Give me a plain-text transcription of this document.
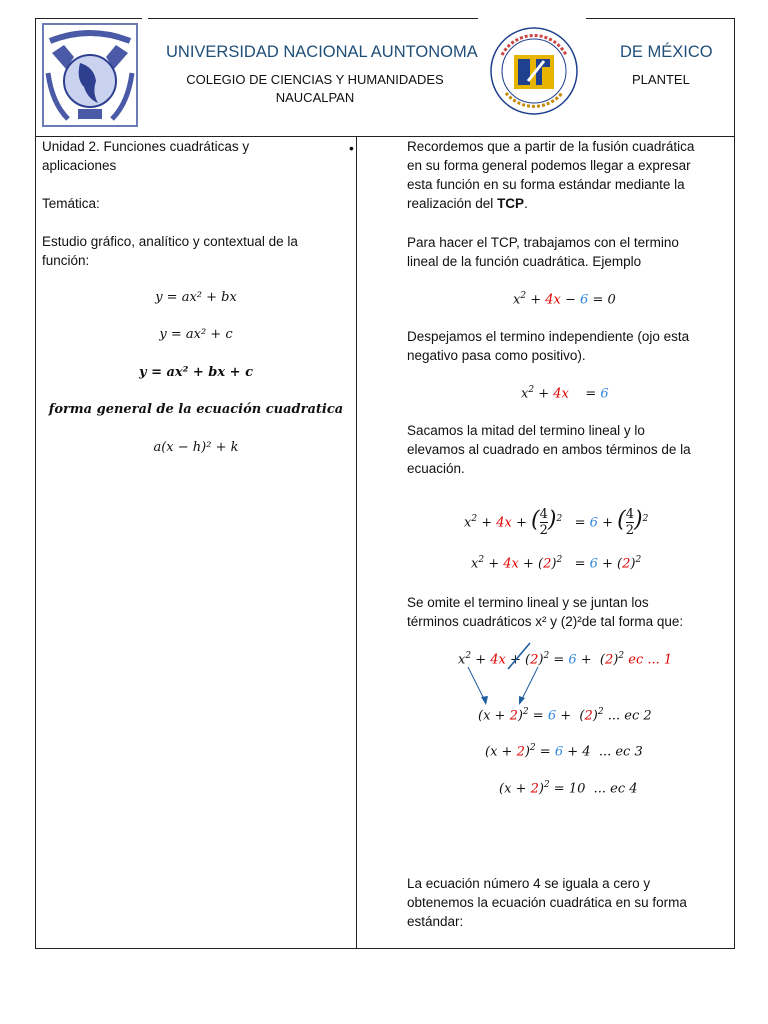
UNIVERSIDAD NACIONAL AUNTONOMA
COLEGIO DE CIENCIAS Y HUMANIDADES
NAUCALPAN
DE MÉXICO
PLANTEL
Unidad 2. Funciones cuadráticas y
aplicaciones
Temática:
Estudio gráfico, analítico y contextual de la
función:
y = ax² + bx
y = ax² + c
y = ax² + bx + c
forma general de la ecuación cuadratica
a(x − h)² + k
•	Recordemos que a partir de la fusión cuadrática
en su forma general podemos llegar a expresar
esta función en su forma estándar mediante la
realización del TCP.
Para hacer el TCP, trabajamos con el termino
lineal de la función cuadrática. Ejemplo
$x^2 + 4x - 6 = 0$
Despejamos el termino independiente (ojo esta
negativo pasa como positivo).
$x^2 + 4x$    = 6
Sacamos la mitad del termino lineal y lo
elevamos al cuadrado en ambos términos de la
ecuación.
$x^2 + 4x$ + ( $\frac{4}{2} )^2 = 6$ + ( $\frac{4}{2} )^2$
$x^2 + 4x + (2)^2 = 6 + (2)^2$
Se omite el termino lineal y se juntan los
términos cuadráticos x² y (2)²de tal forma que:
$x^2 + 4x + (2)^2 = 6 + (2)^2$ ec ... 1
$(x + 2)^2 = 6 + (2)^2$ ... ec 2
$(x + 2)^2 = 6 + 4$  ... ec 3
$(x + 2)^2 = 10$  ... ec 4
La ecuación número 4 se iguala a cero y
obtenemos la ecuación cuadrática en su forma
estándar:
